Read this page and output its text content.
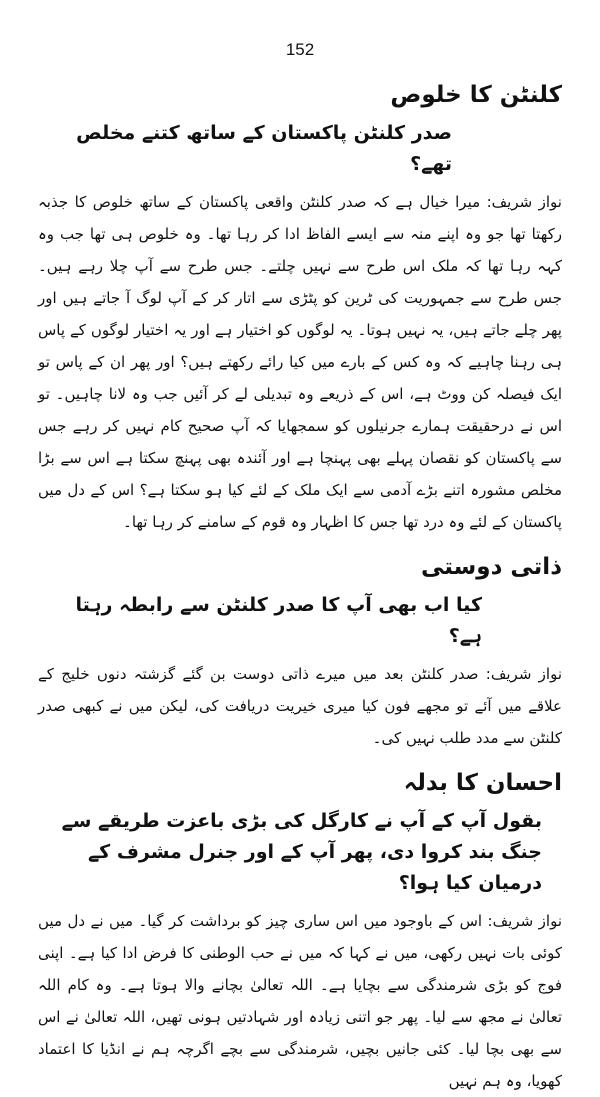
152
کلنٹن کا خلوص
صدر کلنٹن پاکستان کے ساتھ کتنے مخلص تھے؟

نواز شریف: میرا خیال ہے کہ صدر کلنٹن واقعی پاکستان کے ساتھ خلوص کا جذبہ رکھتا تھا جو وہ اپنے منہ سے ایسے الفاظ ادا کر رہا تھا۔ وہ خلوص ہی تھا جب وہ کہہ رہا تھا کہ ملک اس طرح سے نہیں چلتے۔ جس طرح سے آپ چلا رہے ہیں۔ جس طرح سے جمہوریت کی ٹرین کو پٹڑی سے اتار کر کے آپ لوگ آ جاتے ہیں اور پھر چلے جاتے ہیں، یہ نہیں ہوتا۔ یہ لوگوں کو اختیار ہے اور یہ اختیار لوگوں کے پاس ہی رہنا چاہیے کہ وہ کس کے بارے میں کیا رائے رکھتے ہیں؟ اور پھر ان کے پاس تو ایک فیصلہ کن ووٹ ہے، اس کے ذریعے وہ تبدیلی لے کر آئیں جب وہ لانا چاہیں۔ تو اس نے درحقیقت ہمارے جرنیلوں کو سمجھایا کہ آپ صحیح کام نہیں کر رہے جس سے پاکستان کو نقصان پہلے بھی پہنچا ہے اور آئندہ بھی پہنچ سکتا ہے اس سے بڑا مخلص مشورہ اتنے بڑے آدمی سے ایک ملک کے لئے کیا ہو سکتا ہے؟ اس کے دل میں پاکستان کے لئے وہ درد تھا جس کا اظہار وہ قوم کے سامنے کر رہا تھا۔

ذاتی دوستی
کیا اب بھی آپ کا صدر کلنٹن سے رابطہ رہتا ہے؟

نواز شریف: صدر کلنٹن بعد میں میرے ذاتی دوست بن گئے گزشتہ دنوں خلیج کے علاقے میں آئے تو مجھے فون کیا میری خیریت دریافت کی، لیکن میں نے کبھی صدر کلنٹن سے مدد طلب نہیں کی۔

احسان کا بدلہ
بقول آپ کے آپ نے کارگل کی بڑی باعزت طریقے سے جنگ بند کروا دی، پھر آپ کے اور جنرل مشرف کے درمیان کیا ہوا؟

نواز شریف: اس کے باوجود میں اس ساری چیز کو برداشت کر گیا۔ میں نے دل میں کوئی بات نہیں رکھی، میں نے کہا کہ میں نے حب الوطنی کا فرض ادا کیا ہے۔ اپنی فوج کو بڑی شرمندگی سے بچایا ہے۔ اللہ تعالیٰ بچانے والا ہوتا ہے۔ وہ کام اللہ تعالیٰ نے مجھ سے لیا۔ پھر جو اتنی زیادہ اور شہادتیں ہونی تھیں، اللہ تعالیٰ نے اس سے بھی بچا لیا۔ کئی جانیں بچیں، شرمندگی سے بچے اگرچہ ہم نے انڈیا کا اعتماد کھویا، وہ ہم نہیں
